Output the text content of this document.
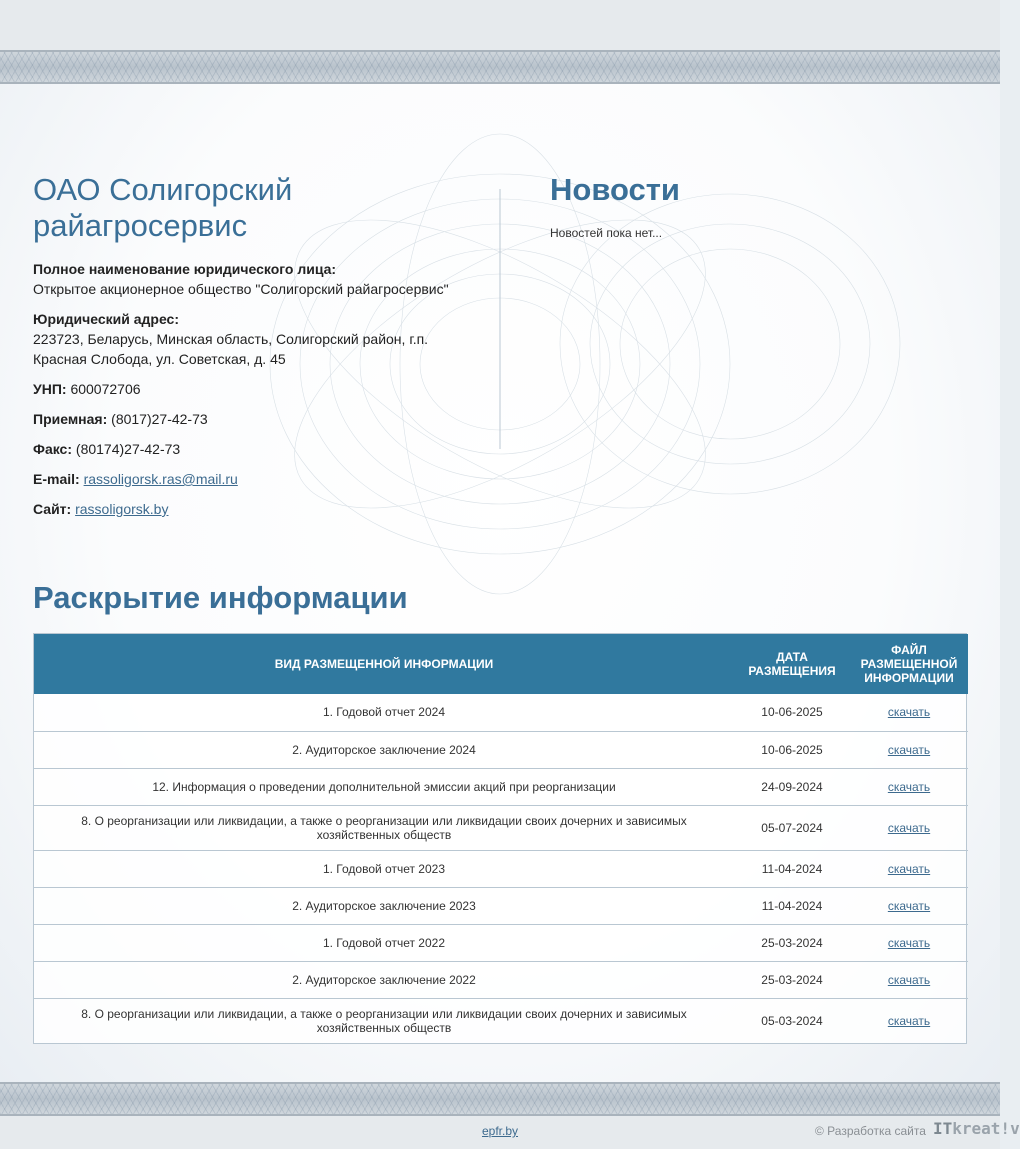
ОАО Солигорский райагросервис
Полное наименование юридического лица:
Открытое акционерное общество "Солигорский райагросервис"
Юридический адрес:
223723, Беларусь, Минская область, Солигорский район, г.п. Красная Слобода, ул. Советская, д. 45
УНП: 600072706
Приемная: (8017)27-42-73
Факс: (80174)27-42-73
E-mail: rassoligorsk.ras@mail.ru
Сайт: rassoligorsk.by
Новости
Новостей пока нет...
Раскрытие информации
ВИД РАЗМЕЩЕННОЙ ИНФОРМАЦИИ	ДАТА РАЗМЕЩЕНИЯ	ФАЙЛ РАЗМЕЩЕННОЙ ИНФОРМАЦИИ
1. Годовой отчет 2024	10-06-2025	скачать
2. Аудиторское заключение 2024	10-06-2025	скачать
12. Информация о проведении дополнительной эмиссии акций при реорганизации	24-09-2024	скачать
8. О реорганизации или ликвидации, а также о реорганизации или ликвидации своих дочерних и зависимых хозяйственных обществ	05-07-2024	скачать
1. Годовой отчет 2023	11-04-2024	скачать
2. Аудиторское заключение 2023	11-04-2024	скачать
1. Годовой отчет 2022	25-03-2024	скачать
2. Аудиторское заключение 2022	25-03-2024	скачать
8. О реорганизации или ликвидации, а также о реорганизации или ликвидации своих дочерних и зависимых хозяйственных обществ	05-03-2024	скачать
epfr.by	© Разработка сайта ITkreat!v
